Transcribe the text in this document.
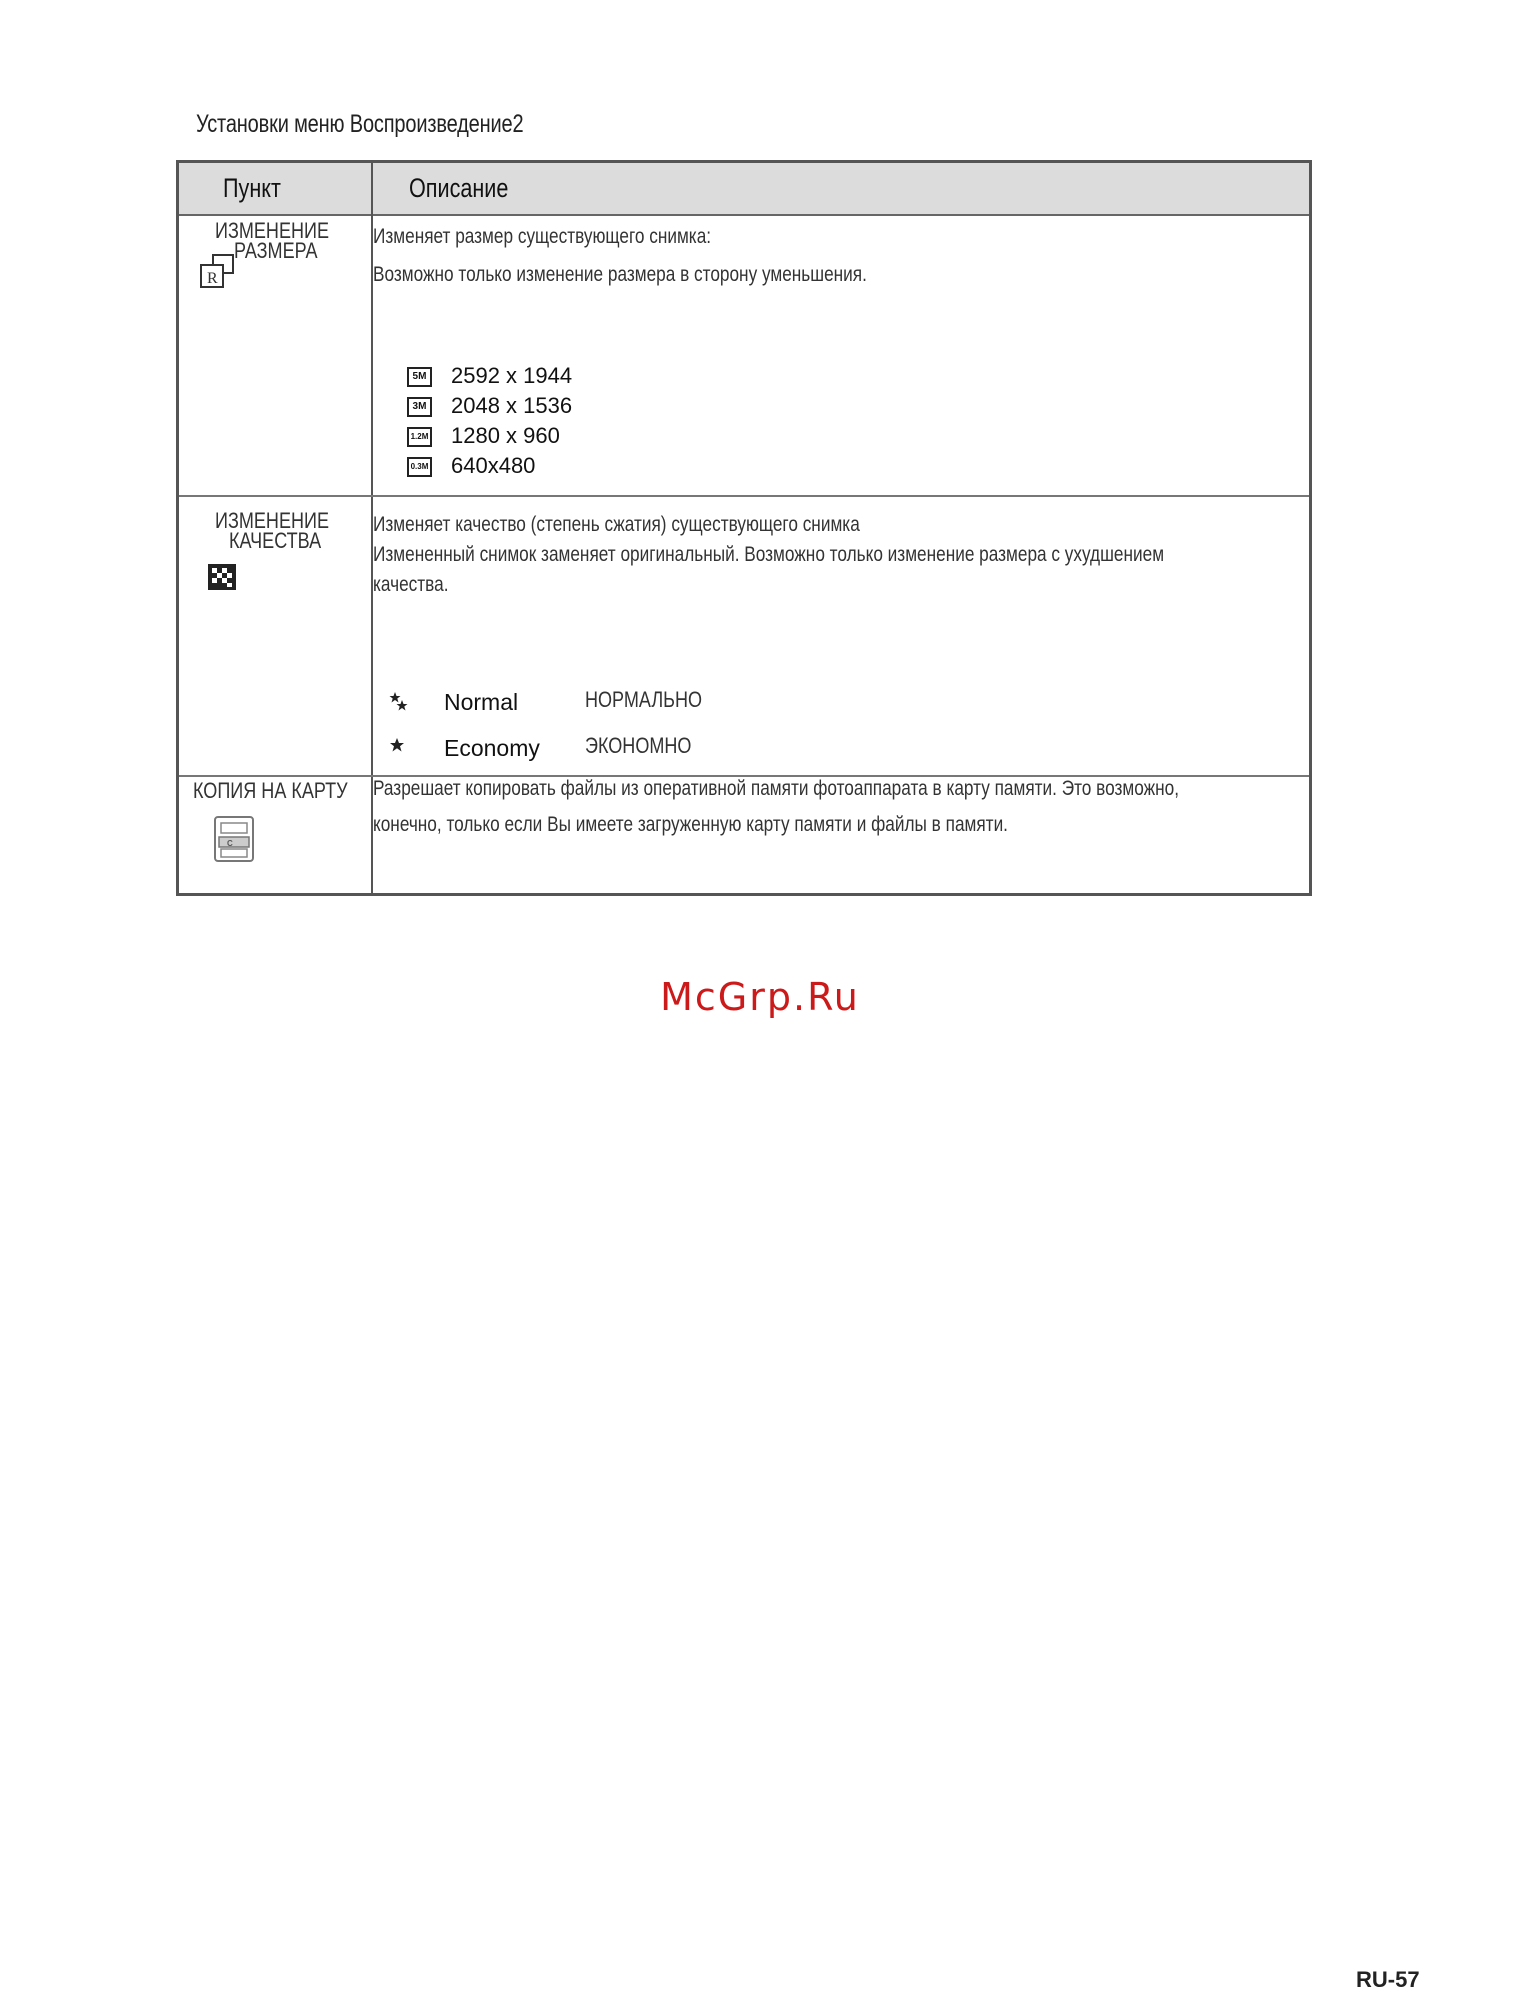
Установки меню Воспроизведение2
Пункт	Описание
ИЗМЕНЕНИЕ
РАЗМЕРА
R
Изменяет размер существующего снимка:
Возможно только изменение размера в сторону уменьшения.
5M 2592 x 1944
3M 2048 x 1536
1.2M 1280 x 960
0.3M 640x480
ИЗМЕНЕНИЕ
КАЧЕСТВА
Изменяет качество (степень сжатия) существующего снимка
Измененный снимок заменяет оригинальный. Возможно только изменение размера с ухудшением
качества.
Normal	НОРМАЛЬНО
Economy ЭКОНОМНО
КОПИЯ НА КАРТУ
C
Разрешает копировать файлы из оперативной памяти фотоаппарата в карту памяти. Это возможно,
конечно, только если Вы имеете загруженную карту памяти и файлы в памяти.
McGrp.Ru
RU-57
